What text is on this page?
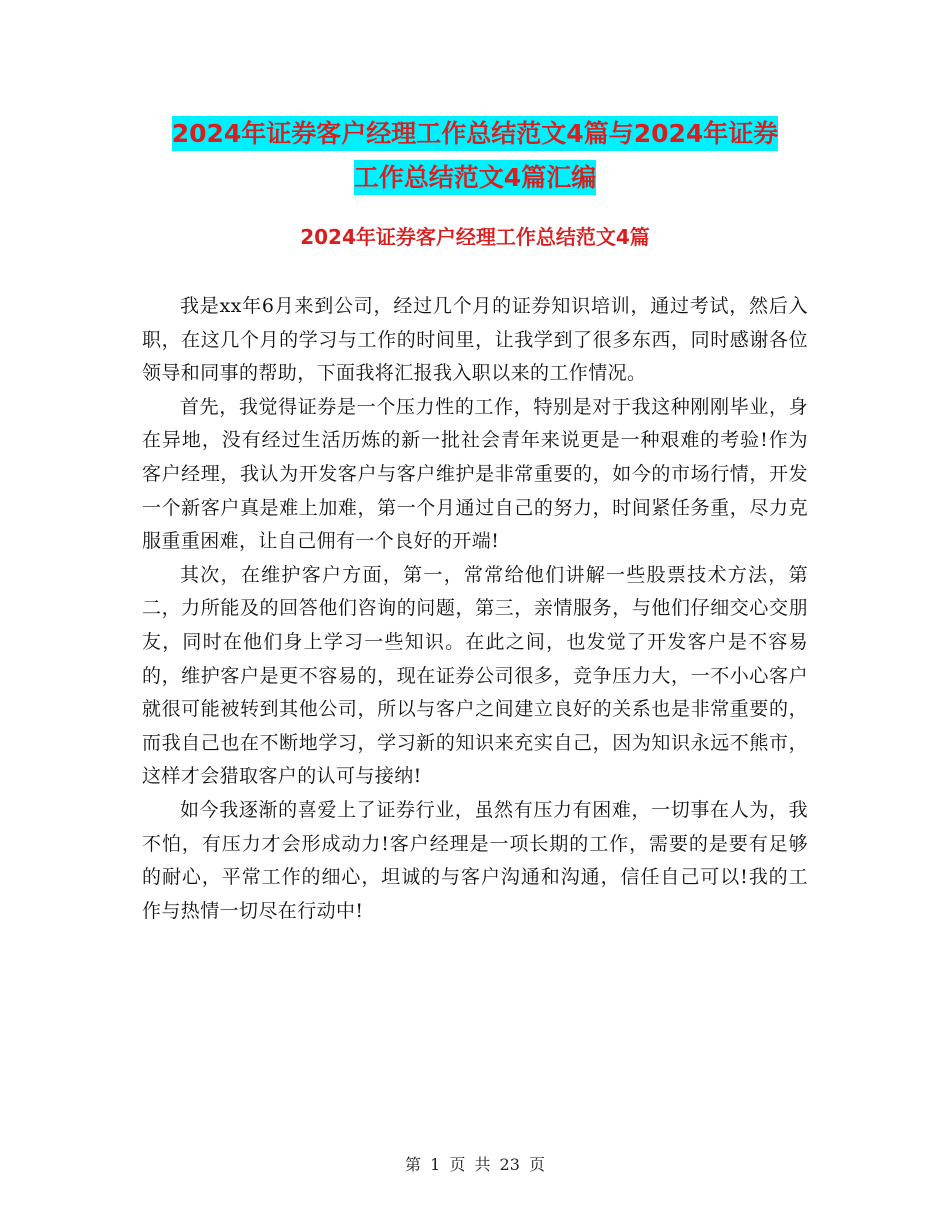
2024年证券客户经理工作总结范文4篇与2024年证券
工作总结范文4篇汇编
2024年证券客户经理工作总结范文4篇

我是xx年6月来到公司，经过几个月的证券知识培训，通过考试，然后入职，在这几个月的学习与工作的时间里，让我学到了很多东西，同时感谢各位领导和同事的帮助，下面我将汇报我入职以来的工作情况。

首先，我觉得证券是一个压力性的工作，特别是对于我这种刚刚毕业，身在异地，没有经过生活历炼的新一批社会青年来说更是一种艰难的考验!作为客户经理，我认为开发客户与客户维护是非常重要的，如今的市场行情，开发一个新客户真是难上加难，第一个月通过自己的努力，时间紧任务重，尽力克服重重困难，让自己佣有一个良好的开端!

其次，在维护客户方面，第一，常常给他们讲解一些股票技术方法，第二，力所能及的回答他们咨询的问题，第三，亲情服务，与他们仔细交心交朋友，同时在他们身上学习一些知识。在此之间，也发觉了开发客户是不容易的，维护客户是更不容易的，现在证券公司很多，竞争压力大，一不小心客户就很可能被转到其他公司，所以与客户之间建立良好的关系也是非常重要的，而我自己也在不断地学习，学习新的知识来充实自己，因为知识永远不熊市，这样才会猎取客户的认可与接纳!

如今我逐渐的喜爱上了证券行业，虽然有压力有困难，一切事在人为，我不怕，有压力才会形成动力!客户经理是一项长期的工作，需要的是要有足够的耐心，平常工作的细心，坦诚的与客户沟通和沟通，信任自己可以!我的工作与热情一切尽在行动中!

第 1 页 共 23 页
